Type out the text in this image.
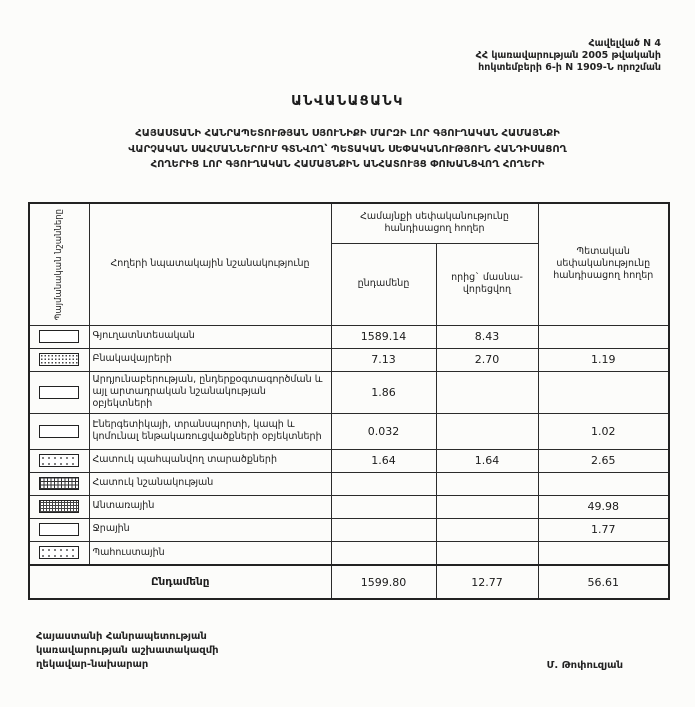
Հավելված N 4
ՀՀ կառավարության 2005 թվականի
հոկտեմբերի 6-ի N 1909-Ն որոշման
ԱՆՎԱՆԱՑԱՆԿ
ՀԱՅԱՍՏԱՆԻ ՀԱՆՐԱՊԵՏՈՒԹՅԱՆ ՍՅՈՒՆԻՔԻ ՄԱՐԶԻ ԼՈՐ ԳՅՈՒՂԱԿԱՆ ՀԱՄԱՅՆՔԻ
ՎԱՐՉԱԿԱՆ ՍԱՀՄԱՆՆԵՐՈՒՄ ԳՏՆՎՈՂ՝ ՊԵՏԱԿԱՆ ՍԵՓԱԿԱՆՈՒԹՅՈՒՆ ՀԱՆԴԻՍԱՑՈՂ
ՀՈՂԵՐԻՑ ԼՈՐ ԳՅՈՒՂԱԿԱՆ ՀԱՄԱՅՆՔԻՆ ԱՆՀԱՏՈՒՅՑ ՓՈԽԱՆՑՎՈՂ ՀՈՂԵՐԻ
Պայմանական նշանները	Հողերի նպատակային նշանակությունը	Համայնքի սեփականությունը հանդիսացող հողեր		Պետական սեփականությունը հանդիսացող հողեր
		ընդամենը	որից` մասնա-վորեցվող	

	Գյուղատնտեսական	1589.14	8.43	

	Բնակավայրերի	7.13	2.70	1.19

	Արդյունաբերության, ընդերքօգտագործման և այլ արտադրական նշանակության օբյեկտների	1.86		

	Էներգետիկայի, տրանսպորտի, կապի և կոմունալ ենթակառուցվածքների օբյեկտների	0.032		1.02

	Հատուկ պահպանվող տարածքների	1.64	1.64	2.65

	Հատուկ նշանակության			

	Անտառային			49.98

	Ջրային			1.77

	Պահուստային			
Ընդամենը		1599.80	12.77	56.61
Հայաստանի Հանրապետության
կառավարության աշխատակազմի
ղեկավար-նախարար	Մ. Թոփուզյան
